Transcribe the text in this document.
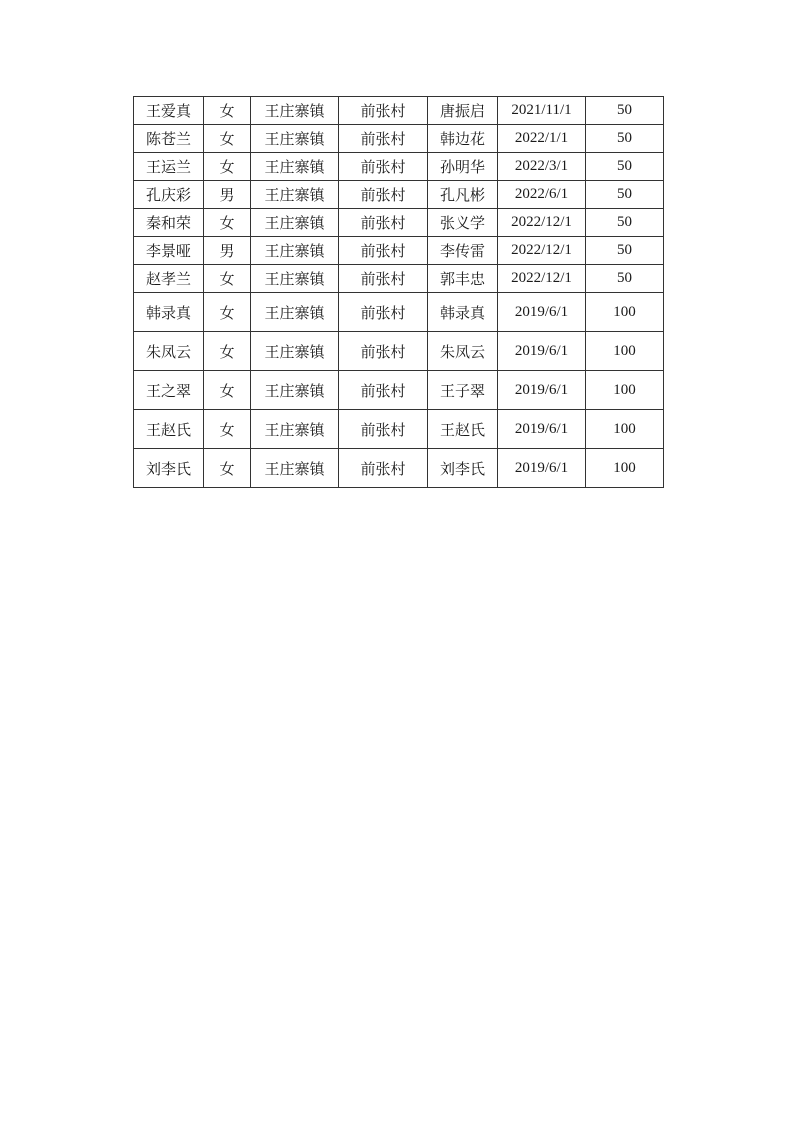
王爱真	女	王庄寨镇	前张村	唐振启	2021/11/1	50
陈苍兰	女	王庄寨镇	前张村	韩边花	2022/1/1	50
王运兰	女	王庄寨镇	前张村	孙明华	2022/3/1	50
孔庆彩	男	王庄寨镇	前张村	孔凡彬	2022/6/1	50
秦和荣	女	王庄寨镇	前张村	张义学	2022/12/1	50
李景哑	男	王庄寨镇	前张村	李传雷	2022/12/1	50
赵孝兰	女	王庄寨镇	前张村	郭丰忠	2022/12/1	50
韩录真	女	王庄寨镇	前张村	韩录真	2019/6/1	100
朱凤云	女	王庄寨镇	前张村	朱凤云	2019/6/1	100
王之翠	女	王庄寨镇	前张村	王子翠	2019/6/1	100
王赵氏	女	王庄寨镇	前张村	王赵氏	2019/6/1	100
刘李氏	女	王庄寨镇	前张村	刘李氏	2019/6/1	100
